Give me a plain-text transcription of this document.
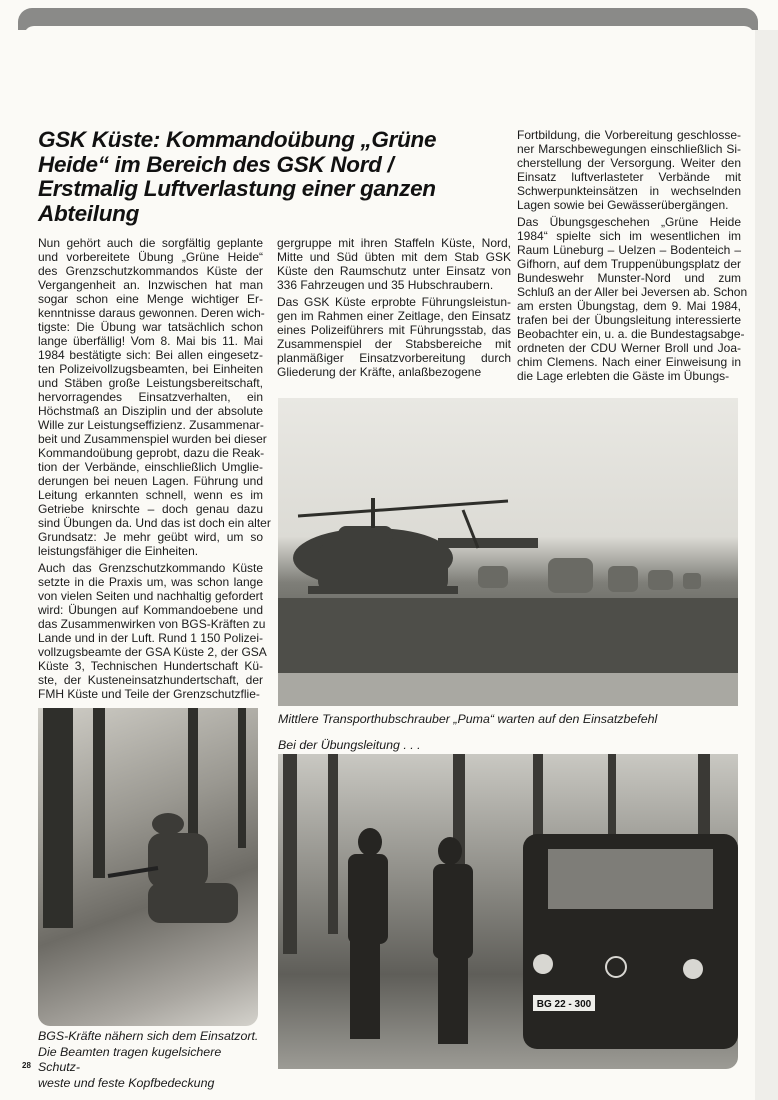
GSK Küste: Kommandoübung „Grüne
Heide“ im Bereich des GSK Nord /
Erstmalig Luftverlastung einer ganzen
Abteilung
Nun gehört auch die sorgfältig geplante
und vorbereitete Übung „Grüne Heide“
des Grenzschutzkommandos Küste der
Vergangenheit an. Inzwischen hat man
sogar schon eine Menge wichtiger Er-
kenntnisse daraus gewonnen. Deren wich-
tigste: Die Übung war tatsächlich schon
lange überfällig! Vom 8. Mai bis 11. Mai
1984 bestätigte sich: Bei allen eingesetz-
ten Polizeivollzugsbeamten, bei Einheiten
und Stäben große Leistungsbereitschaft,
hervorragendes Einsatzverhalten, ein
Höchstmaß an Disziplin und der absolute
Wille zur Leistungseffizienz. Zusammenar-
beit und Zusammenspiel wurden bei dieser
Kommandoübung geprobt, dazu die Reak-
tion der Verbände, einschließlich Umglie-
derungen bei neuen Lagen. Führung und
Leitung erkannten schnell, wenn es im
Getriebe knirschte – doch genau dazu
sind Übungen da. Und das ist doch ein alter
Grundsatz: Je mehr geübt wird, um so
leistungsfähiger die Einheiten.
Auch das Grenzschutzkommando Küste
setzte in die Praxis um, was schon lange
von vielen Seiten und nachhaltig gefordert
wird: Übungen auf Kommandoebene und
das Zusammenwirken von BGS-Kräften zu
Lande und in der Luft. Rund 1 150 Polizei-
vollzugsbeamte der GSA Küste 2, der GSA
Küste 3, Technischen Hundertschaft Kü-
ste, der Kusteneinsatzhundertschaft, der
FMH Küste und Teile der Grenzschutzflie-
gergruppe mit ihren Staffeln Küste, Nord,
Mitte und Süd übten mit dem Stab GSK
Küste den Raumschutz unter Einsatz von
336 Fahrzeugen und 35 Hubschraubern.
Das GSK Küste erprobte Führungsleistun-
gen im Rahmen einer Zeitlage, den Einsatz
eines Polizeiführers mit Führungsstab, das
Zusammenspiel der Stabsbereiche mit
planmäßiger Einsatzvorbereitung durch
Gliederung der Kräfte, anlaßbezogene
Fortbildung, die Vorbereitung geschlosse-
ner Marschbewegungen einschließlich Si-
cherstellung der Versorgung. Weiter den
Einsatz luftverlasteter Verbände mit
Schwerpunkteinsätzen in wechselnden
Lagen sowie bei Gewässerübergängen.
Das Übungsgeschehen „Grüne Heide
1984“ spielte sich im wesentlichen im
Raum Lüneburg – Uelzen – Bodenteich –
Gifhorn, auf dem Truppenübungsplatz der
Bundeswehr Munster-Nord und zum
Schluß an der Aller bei Jeversen ab. Schon
am ersten Übungstag, dem 9. Mai 1984,
trafen bei der Übungsleitung interessierte
Beobachter ein, u. a. die Bundestagsabge-
ordneten der CDU Werner Broll und Joa-
chim Clemens. Nach einer Einweisung in
die Lage erlebten die Gäste im Übungs-
Mittlere Transporthubschrauber „Puma“ warten auf den Einsatzbefehl
Bei der Übungsleitung . . .
BGS-Kräfte nähern sich dem Einsatzort.
Die Beamten tragen kugelsichere Schutz-
weste und feste Kopfbedeckung
BG 22 - 300
28
